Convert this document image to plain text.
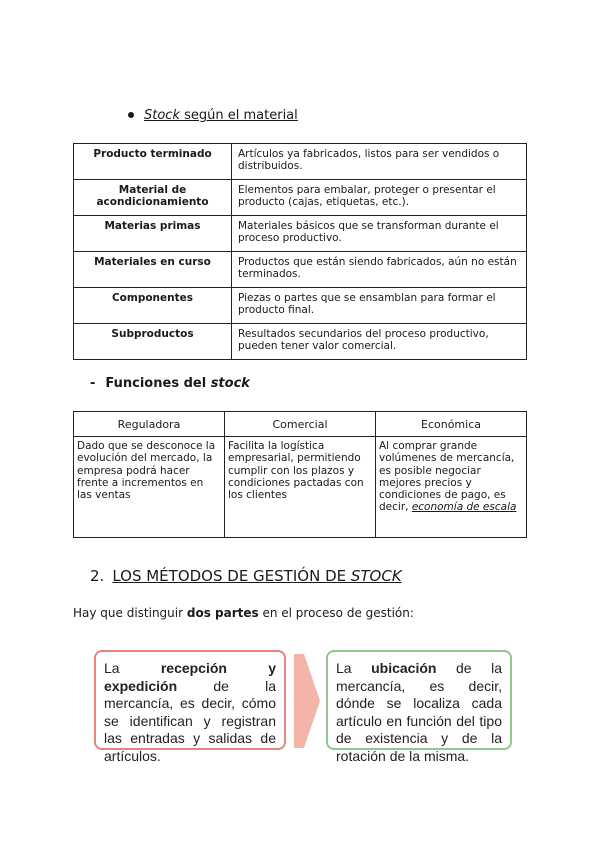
Stock según el material
Producto terminado	Artículos ya fabricados, listos para ser vendidos o distribuidos.
Material de acondicionamiento	Elementos para embalar, proteger o presentar el producto (cajas, etiquetas, etc.).
Materias primas	Materiales básicos que se transforman durante el proceso productivo.
Materiales en curso	Productos que están siendo fabricados, aún no están terminados.
Componentes	Piezas o partes que se ensamblan para formar el producto final.
Subproductos	Resultados secundarios del proceso productivo, pueden tener valor comercial.
- Funciones del stock
Reguladora	Comercial	Económica
Dado que se desconoce la evolución del mercado, la empresa podrá hacer frente a incrementos en las ventas	Facilita la logística empresarial, permitiendo cumplir con los plazos y condiciones pactadas con los clientes	Al comprar grande volúmenes de mercancía, es posible negociar mejores precios y condiciones de pago, es decir, economía de escala
2. LOS MÉTODOS DE GESTIÓN DE STOCK
Hay que distinguir dos partes en el proceso de gestión:
La recepción y expedición de la mercancía, es decir, cómo se identifican y registran las entradas y salidas de artículos.
La ubicación de la mercancía, es decir, dónde se localiza cada artículo en función del tipo de existencia y de la rotación de la misma.
